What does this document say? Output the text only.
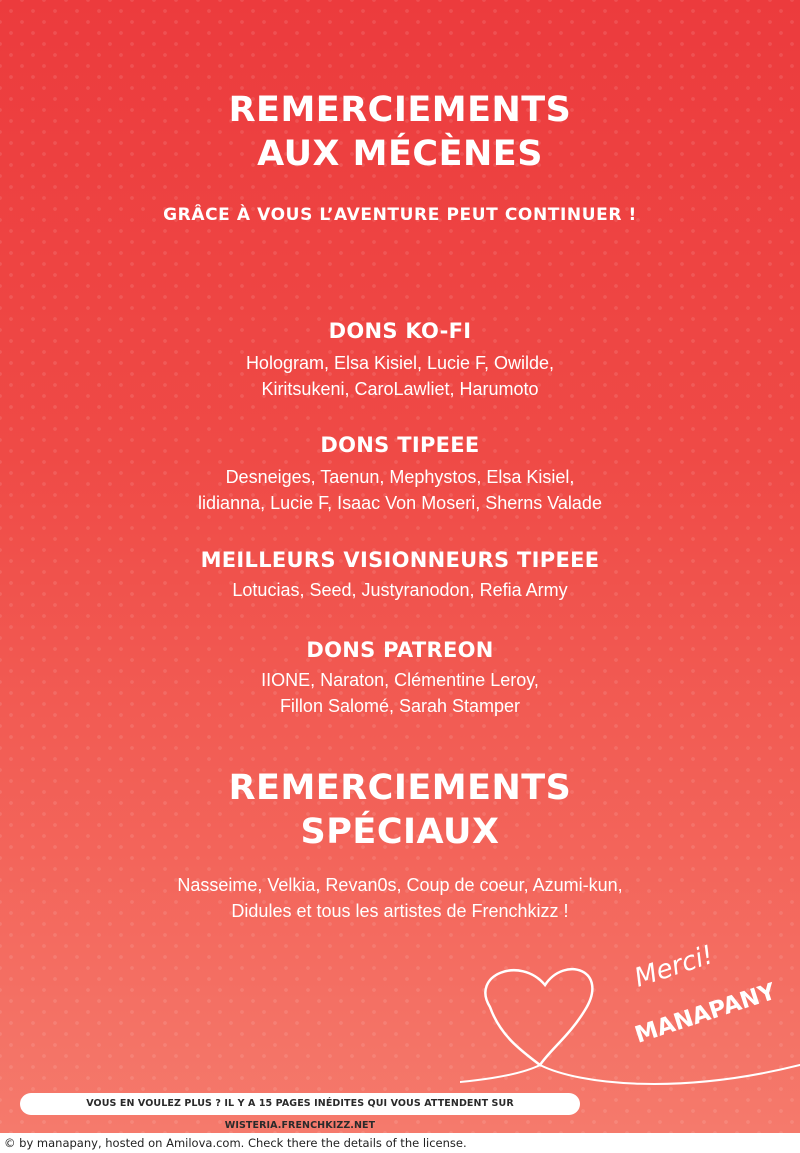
REMERCIEMENTS
AUX MÉCÈNES
GRÂCE À VOUS L’AVENTURE PEUT CONTINUER !
DONS KO-FI
Hologram, Elsa Kisiel, Lucie F, Owilde,
Kiritsukeni, CaroLawliet, Harumoto
DONS TIPEEE
Desneiges, Taenun, Mephystos, Elsa Kisiel,
lidianna, Lucie F, Isaac Von Moseri, Sherns Valade
MEILLEURS VISIONNEURS TIPEEE
Lotucias, Seed, Justyranodon, Refia Army
DONS PATREON
IIONE, Naraton, Clémentine Leroy,
Fillon Salomé, Sarah Stamper
REMERCIEMENTS
SPÉCIAUX
Nasseime, Velkia, Revan0s, Coup de coeur, Azumi-kun,
Didules et tous les artistes de Frenchkizz !
Merci!
MANAPANY
VOUS EN VOULEZ PLUS ? IL Y A 15 PAGES INÉDITES QUI VOUS ATTENDENT SUR WISTERIA.FRENCHKIZZ.NET
© by manapany, hosted on Amilova.com. Check there the details of the license.
